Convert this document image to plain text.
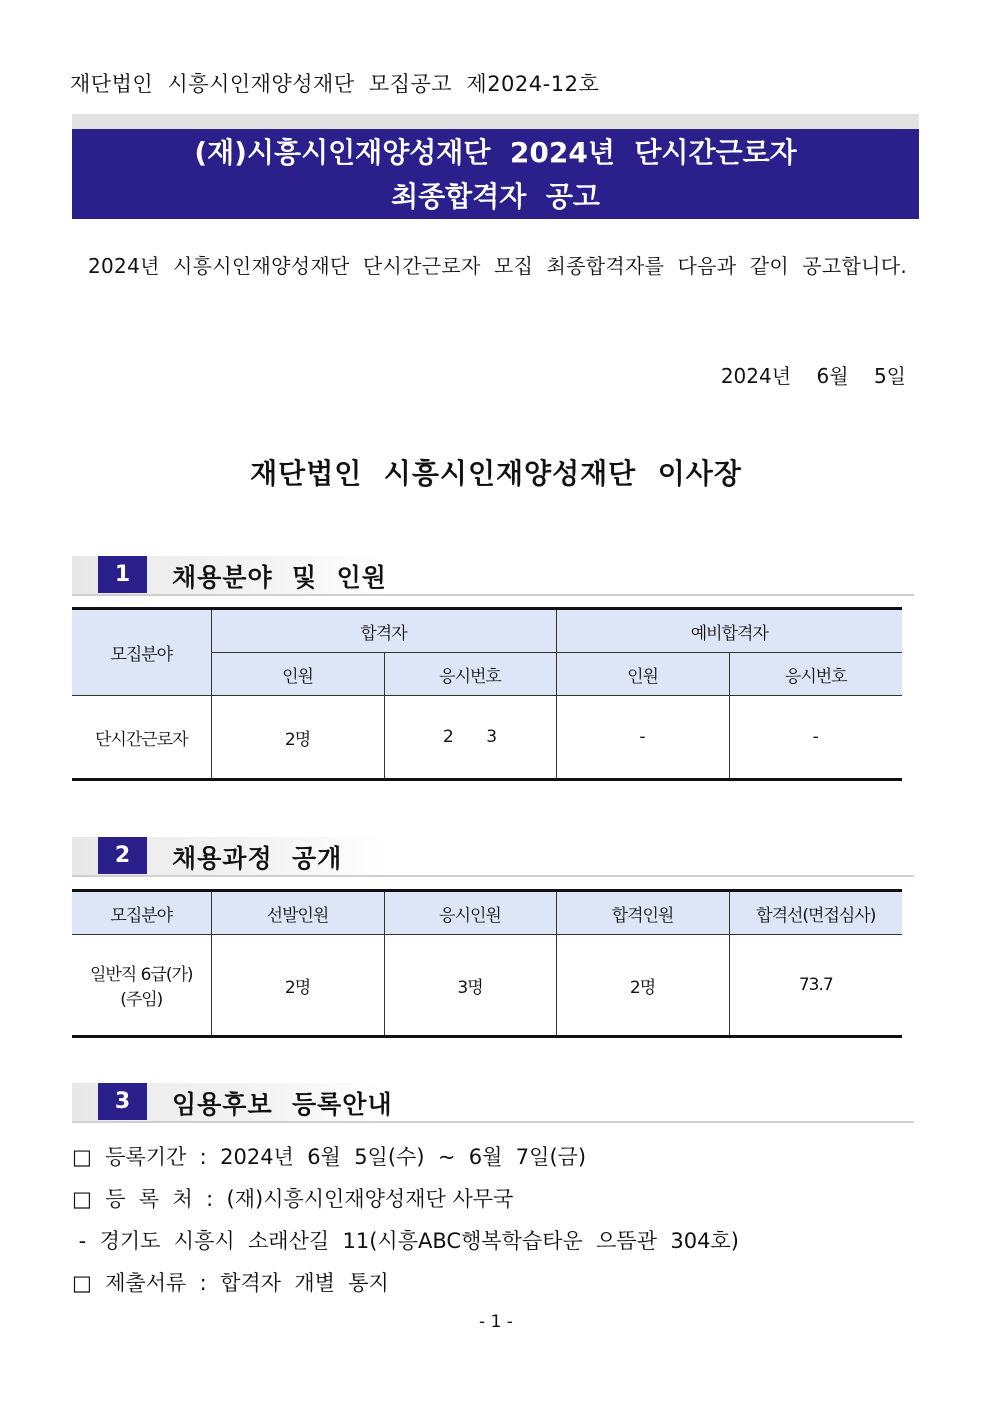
재단법인  시흥시인재양성재단  모집공고  제2024-12호
(재)시흥시인재양성재단  2024년  단시간근로자
최종합격자  공고
2024년  시흥시인재양성재단  단시간근로자  모집  최종합격자를  다음과  같이  공고합니다.
2024년    6월    5일
재단법인  시흥시인재양성재단  이사장
1	채용분야  및  인원
모집분야	합격자		예비합격자	
	인원	응시번호	인원	응시번호
단시간근로자	2명	2      3	-	-
2	채용과정  공개
모집분야	선발인원	응시인원	합격인원	합격선(면접심사)

일반직 6급(가)
(주임)	2명	3명	2명	73.7
3	임용후보  등록안내
□  등록기간  :  2024년  6월  5일(수)  ~  6월  7일(금)
□  등  록  처  :  (재)시흥시인재양성재단 사무국
-  경기도  시흥시  소래산길  11(시흥ABC행복학습타운  으뜸관  304호)
□  제출서류  :  합격자  개별  통지
- 1 -
